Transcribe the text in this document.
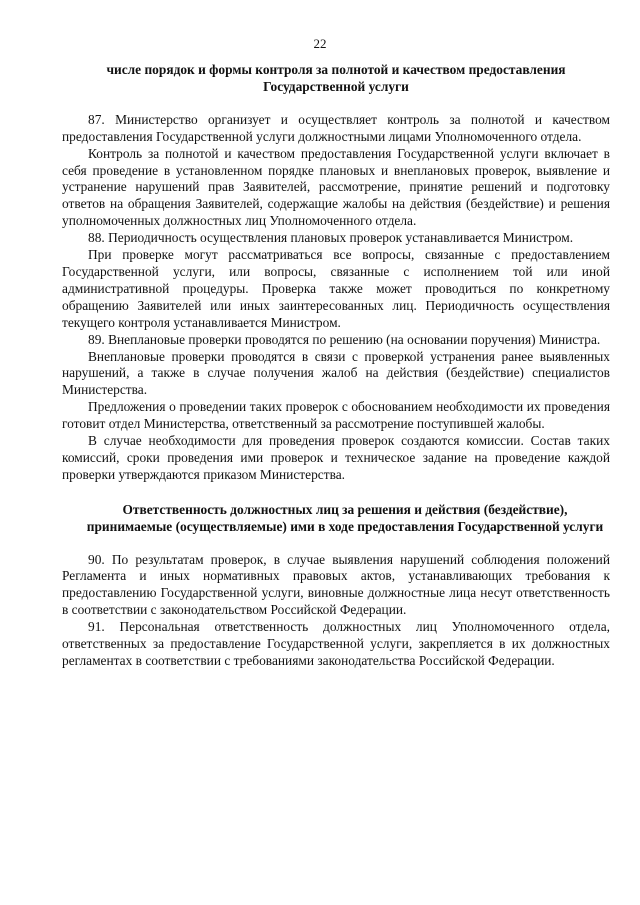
22

числе порядок и формы контроля за полнотой и качеством предоставления Государственной услуги

87. Министерство организует и осуществляет контроль за полнотой и качеством предоставления Государственной услуги должностными лицами Уполномоченного отдела.

Контроль за полнотой и качеством предоставления Государственной услуги включает в себя проведение в установленном порядке плановых и внеплановых проверок, выявление и устранение нарушений прав Заявителей, рассмотрение, принятие решений и подготовку ответов на обращения Заявителей, содержащие жалобы на действия (бездействие) и решения уполномоченных должностных лиц Уполномоченного отдела.

88. Периодичность осуществления плановых проверок устанавливается Министром.

При проверке могут рассматриваться все вопросы, связанные с предоставлением Государственной услуги, или вопросы, связанные с исполнением той или иной административной процедуры. Проверка также может проводиться по конкретному обращению Заявителей или иных заинтересованных лиц. Периодичность осуществления текущего контроля устанавливается Министром.

89. Внеплановые проверки проводятся по решению (на основании поручения) Министра.

Внеплановые проверки проводятся в связи с проверкой устранения ранее выявленных нарушений, а также в случае получения жалоб на действия (бездействие) специалистов Министерства.

Предложения о проведении таких проверок с обоснованием необходимости их проведения готовит отдел Министерства, ответственный за рассмотрение поступившей жалобы.

В случае необходимости для проведения проверок создаются комиссии. Состав таких комиссий, сроки проведения ими проверок и техническое задание на проведение каждой проверки утверждаются приказом Министерства.

Ответственность должностных лиц за решения и действия (бездействие), принимаемые (осуществляемые) ими в ходе предоставления Государственной услуги

90. По результатам проверок, в случае выявления нарушений соблюдения положений Регламента и иных нормативных правовых актов, устанавливающих требования к предоставлению Государственной услуги, виновные должностные лица несут ответственность в соответствии с законодательством Российской Федерации.

91. Персональная ответственность должностных лиц Уполномоченного отдела, ответственных за предоставление Государственной услуги, закрепляется в их должностных регламентах в соответствии с требованиями законодательства Российской Федерации.
